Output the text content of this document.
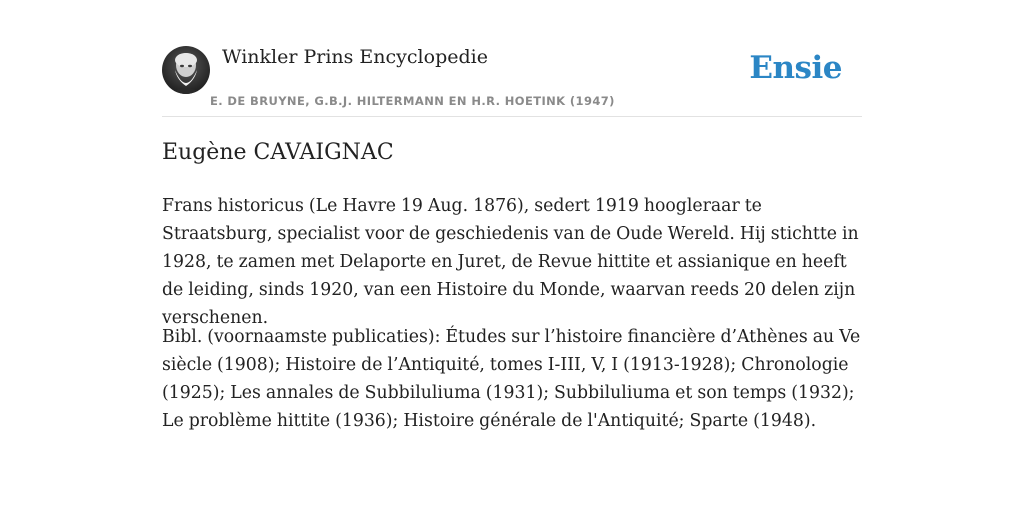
Winkler Prins Encyclopedie
E. DE BRUYNE, G.B.J. HILTERMANN EN H.R. HOETINK (1947)
Ensie
Eugène CAVAIGNAC

Frans historicus (Le Havre 19 Aug. 1876), sedert 1919 hoogleraar te Straatsburg, specialist voor de geschiedenis van de Oude Wereld. Hij stichtte in 1928, te zamen met Delaporte en Juret, de Revue hittite et assianique en heeft de leiding, sinds 1920, van een Histoire du Monde, waarvan reeds 20 delen zijn verschenen.

Bibl. (voornaamste publicaties): Études sur l’histoire financière d’Athènes au Ve siècle (1908); Histoire de l’Antiquité, tomes I-III, V, I (1913-1928); Chronologie (1925); Les annales de Subbiluliuma (1931); Subbiluliuma et son temps (1932); Le problème hittite (1936); Histoire générale de l'Antiquité; Sparte (1948).
